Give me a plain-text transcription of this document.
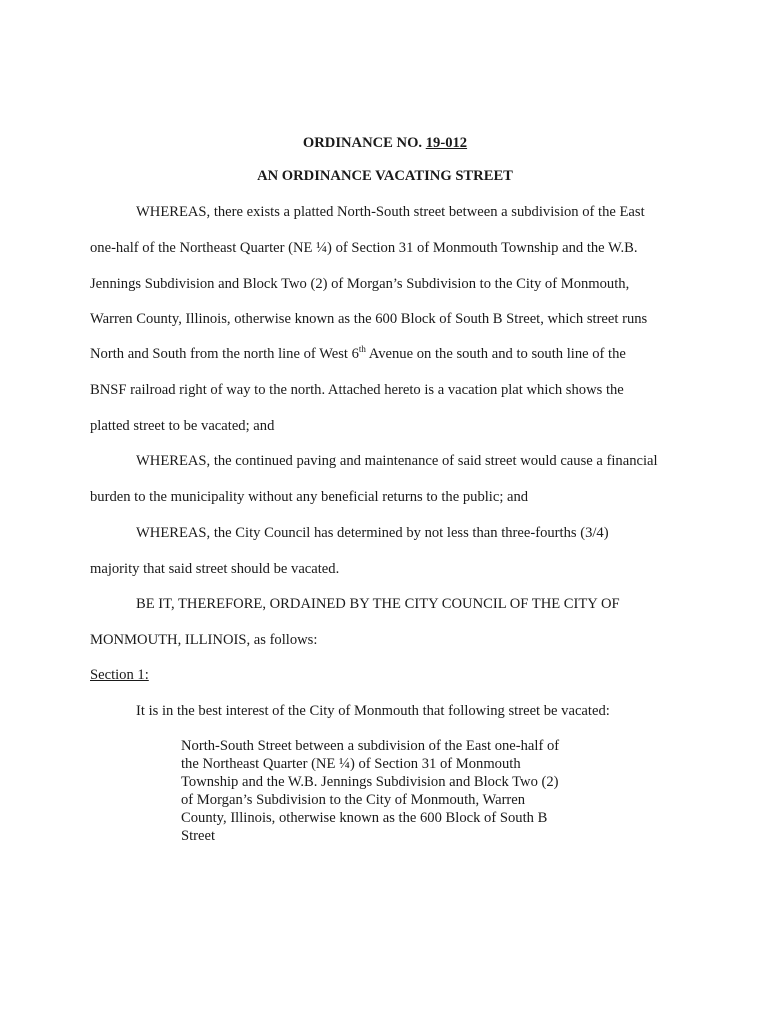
ORDINANCE NO. 19-012
AN ORDINANCE VACATING STREET
WHEREAS, there exists a platted North-South street between a subdivision of the East
one-half of the Northeast Quarter (NE ¼) of Section 31 of Monmouth Township and the W.B.
Jennings Subdivision and Block Two (2) of Morgan’s Subdivision to the City of Monmouth,
Warren County, Illinois, otherwise known as the 600 Block of South B Street, which street runs
North and South from the north line of West 6th Avenue on the south and to south line of the
BNSF railroad right of way to the north. Attached hereto is a vacation plat which shows the
platted street to be vacated; and
WHEREAS, the continued paving and maintenance of said street would cause a financial
burden to the municipality without any beneficial returns to the public; and
WHEREAS, the City Council has determined by not less than three-fourths (3/4)
majority that said street should be vacated.
BE IT, THEREFORE, ORDAINED BY THE CITY COUNCIL OF THE CITY OF
MONMOUTH, ILLINOIS, as follows:
Section 1:
It is in the best interest of the City of Monmouth that following street be vacated:
North-South Street between a subdivision of the East one-half of
the Northeast Quarter (NE ¼) of Section 31 of Monmouth
Township and the W.B. Jennings Subdivision and Block Two (2)
of Morgan’s Subdivision to the City of Monmouth, Warren
County, Illinois, otherwise known as the 600 Block of South B
Street
